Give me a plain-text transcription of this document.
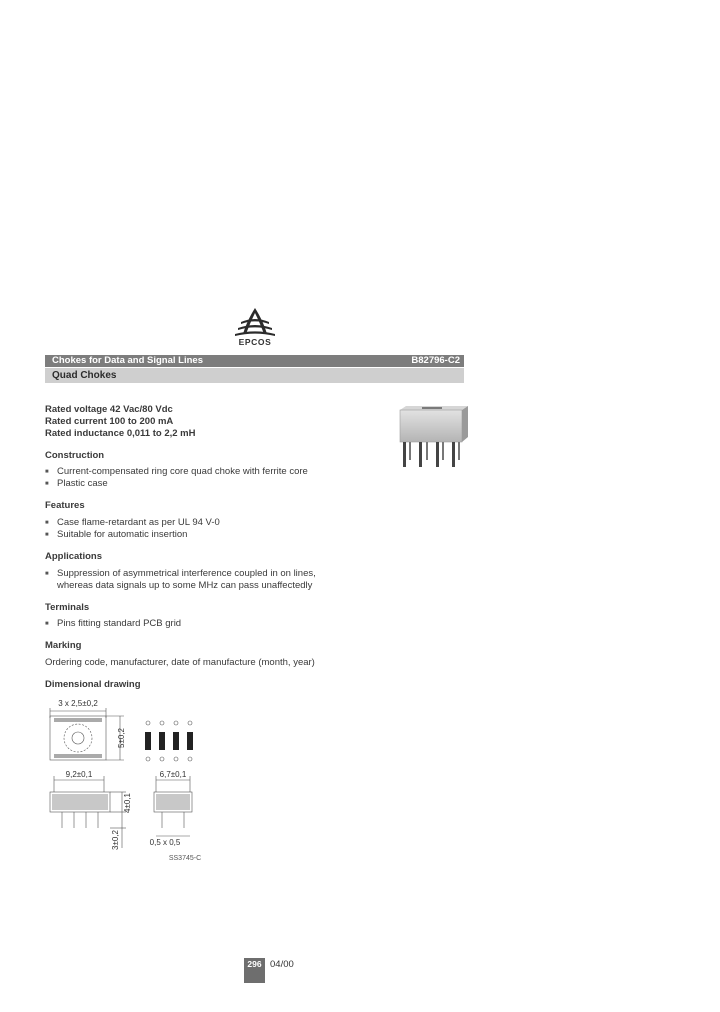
EPCOS
Chokes for Data and Signal Lines	B82796-C2
Quad Chokes
Rated voltage 42 Vac/80 Vdc
Rated current 100 to 200 mA
Rated inductance 0,011 to 2,2 mH
Construction
■ Current-compensated ring core quad choke with ferrite core
■ Plastic case
Features
■ Case flame-retardant as per UL 94 V-0
■ Suitable for automatic insertion
Applications
■ Suppression of asymmetrical interference coupled in on lines,
whereas data signals up to some MHz can pass unaffectedly
Terminals
■ Pins fitting standard PCB grid
Marking
Ordering code, manufacturer, date of manufacture (month, year)
Dimensional drawing
3 x 2,5±0,2
5±0,2
9,2±0,1	6,7±0,1
4±0,1
3±0,2	0,5 x 0,5
SS3745-C
296 04/00
